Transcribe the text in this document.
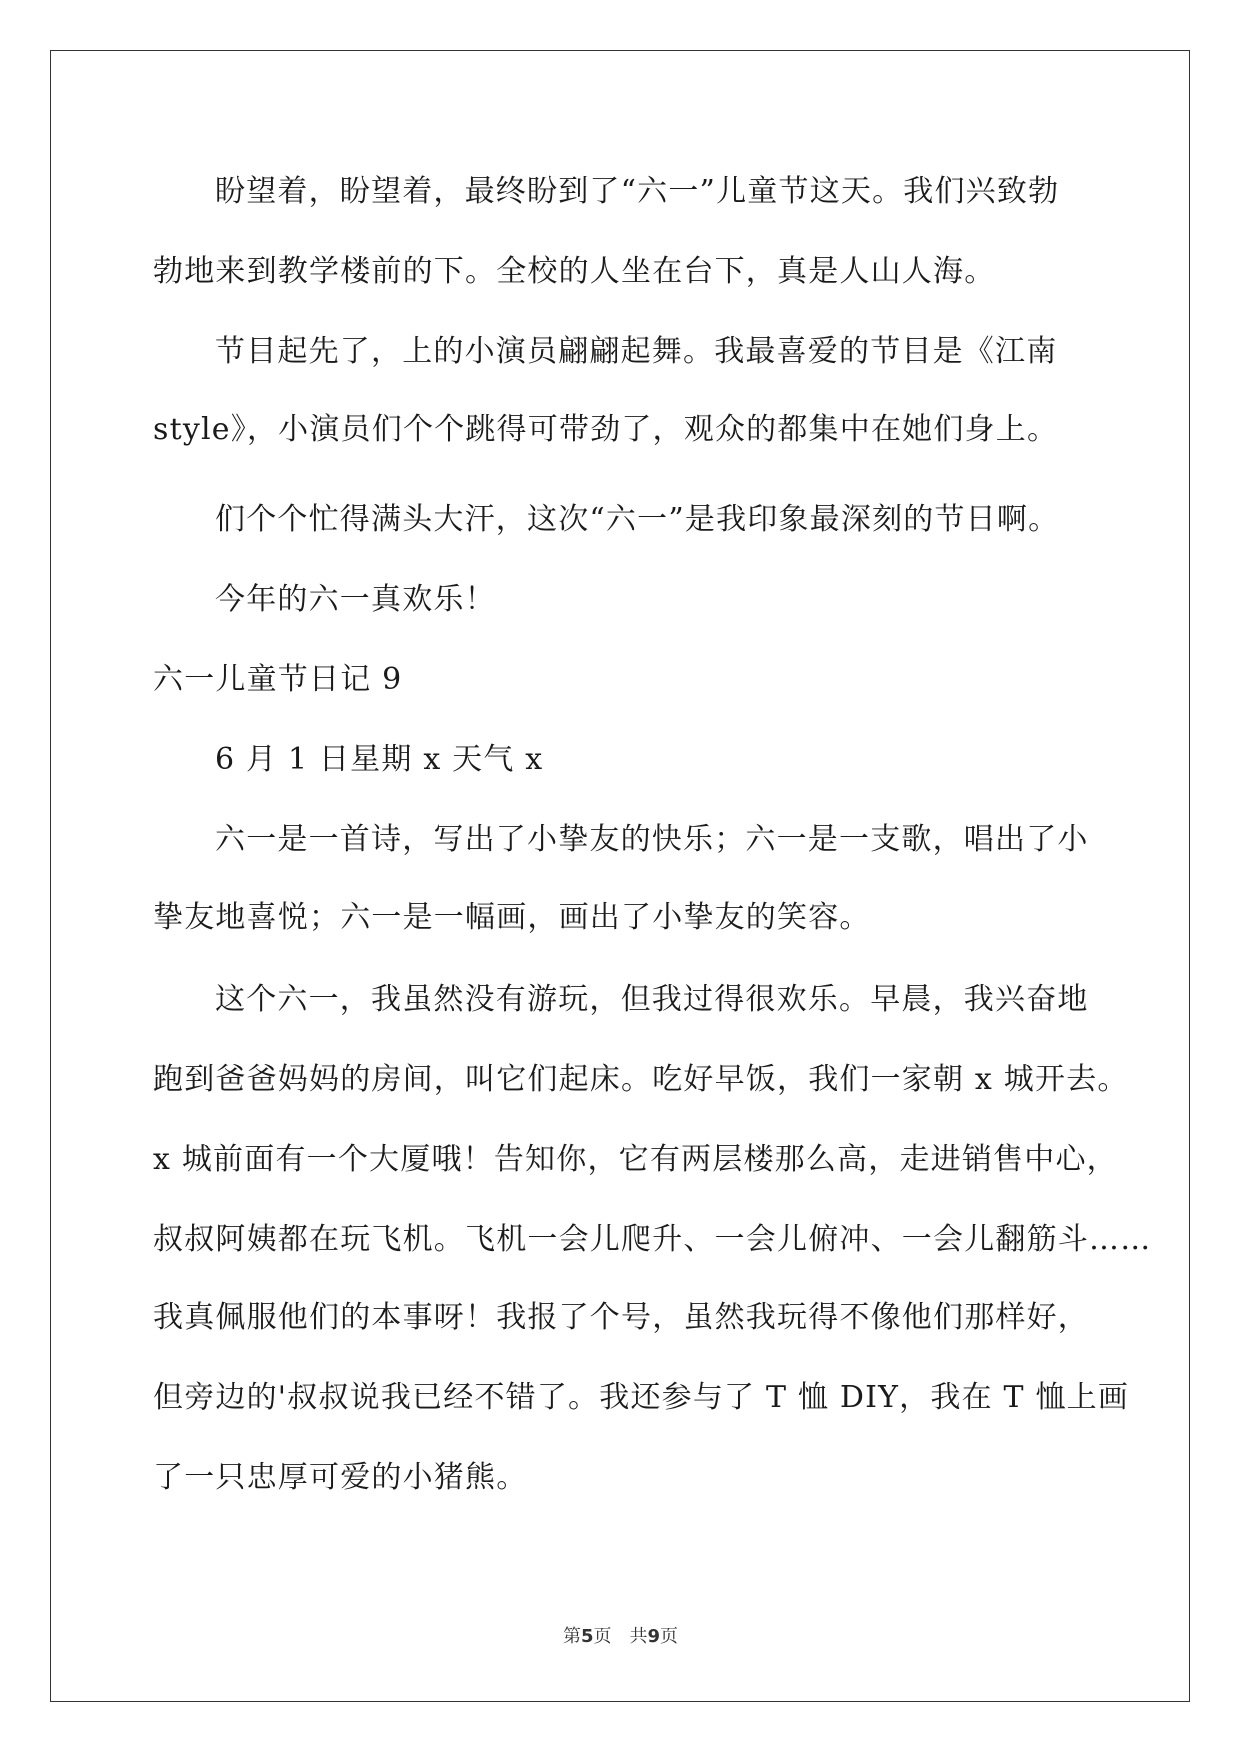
盼望着，盼望着，最终盼到了“六一”儿童节这天。我们兴致勃
勃地来到教学楼前的下。全校的人坐在台下，真是人山人海。
节目起先了，上的小演员翩翩起舞。我最喜爱的节目是《江南
style》，小演员们个个跳得可带劲了，观众的都集中在她们身上。
们个个忙得满头大汗，这次“六一”是我印象最深刻的节日啊。
今年的六一真欢乐！
六一儿童节日记 9
6 月 1 日星期 x 天气 x
六一是一首诗，写出了小挚友的快乐；六一是一支歌，唱出了小
挚友地喜悦；六一是一幅画，画出了小挚友的笑容。
这个六一，我虽然没有游玩，但我过得很欢乐。早晨，我兴奋地
跑到爸爸妈妈的房间，叫它们起床。吃好早饭，我们一家朝 x 城开去。
x 城前面有一个大厦哦！告知你，它有两层楼那么高，走进销售中心，
叔叔阿姨都在玩飞机。飞机一会儿爬升、一会儿俯冲、一会儿翻筋斗……
我真佩服他们的本事呀！我报了个号，虽然我玩得不像他们那样好，
但旁边的'叔叔说我已经不错了。我还参与了 T 恤 DIY，我在 T 恤上画
了一只忠厚可爱的小猪熊。
第5页 共9页
